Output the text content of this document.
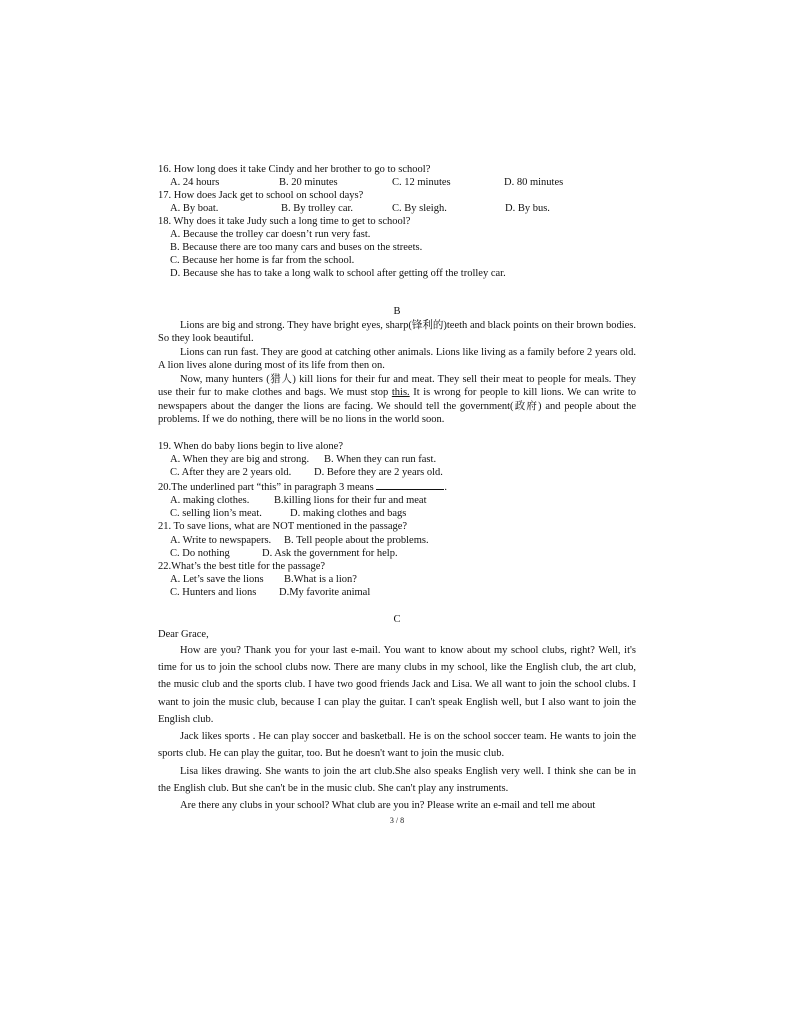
16. How long does it take Cindy and her brother to go to school?
A. 24 hours	B. 20 minutes	C. 12 minutes	D. 80 minutes
17. How does Jack get to school on school days?
A. By boat.	B. By trolley car.	C. By sleigh.	D. By bus.
18. Why does it take Judy such a long time to get to school?
A. Because the trolley car doesn’t run very fast.
B. Because there are too many cars and buses on the streets.
C. Because her home is far from the school.
D. Because she has to take a long walk to school after getting off the trolley car.
B
Lions are big and strong. They have bright eyes, sharp(锋利的)teeth and black points on their brown bodies. So they look beautiful.
Lions can run fast. They are good at catching other animals. Lions like living as a family before 2 years old. A lion lives alone during most of its life from then on.
Now, many hunters (猎人) kill lions for their fur and meat. They sell their meat to people for meals. They use their fur to make clothes and bags. We must stop this. It is wrong for people to kill lions. We can write to newspapers about the danger the lions are facing. We should tell the government(政府) and people about the problems. If we do nothing, there will be no lions in the world soon.
19. When do baby lions begin to live alone?
A. When they are big and strong. B. When they can run fast.
C. After they are 2 years old. D. Before they are 2 years old.
20.The underlined part “this” in paragraph 3 means	.
A. making clothes. B.killing lions for their fur and meat
C. selling lion’s meat.	D. making clothes and bags
21. To save lions, what are NOT mentioned in the passage?
A. Write to newspapers. B. Tell people about the problems.
C. Do nothing	D. Ask the government for help.
22.What’s the best title for the passage?
A. Let’s save the lions B.What is a lion?
C. Hunters and lions D.My favorite animal
C
Dear Grace,
How are you? Thank you for your last e-mail. You want to know about my school clubs, right? Well, it's time for us to join the school clubs now. There are many clubs in my school, like the English club, the art club, the music club and the sports club. I have two good friends Jack and Lisa. We all want to join the school clubs. I want to join the music club, because I can play the guitar. I can't speak English well, but I also want to join the English club.
Jack likes sports . He can play soccer and basketball. He is on the school soccer team. He wants to join the sports club. He can play the guitar, too. But he doesn't want to join the music club.
Lisa likes drawing. She wants to join the art club.She also speaks English very well. I think she can be in the English club. But she can't be in the music club. She can't play any instruments.
Are there any clubs in your school? What club are you in? Please write an e-mail and tell me about
3 / 8
